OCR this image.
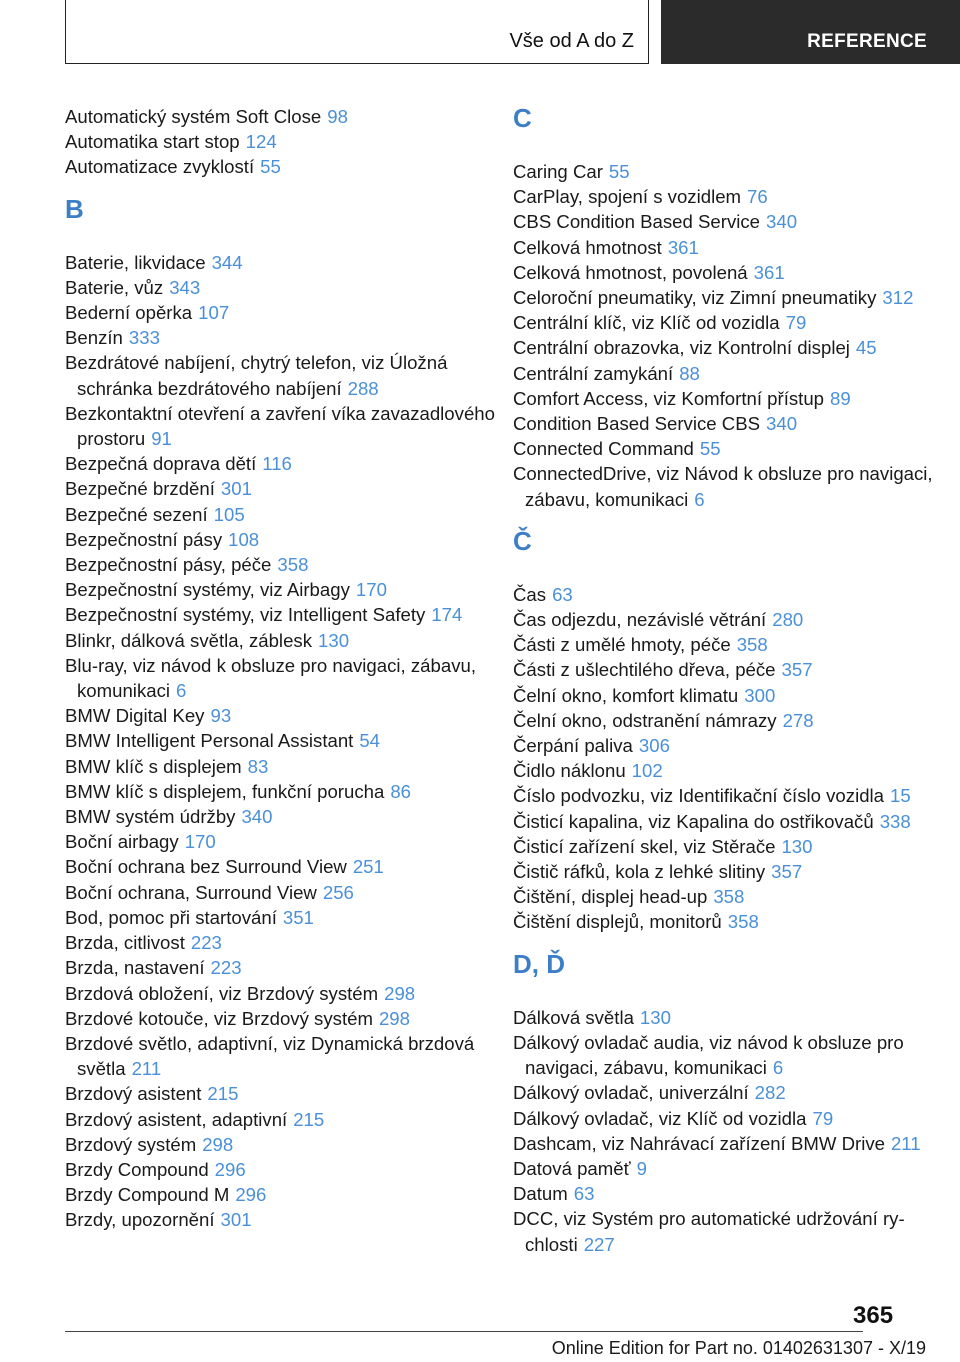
Vše od A do Z	REFERENCE
Automatický systém Soft Close 98
Automatika start stop 124
Automatizace zvyklostí 55
B
Baterie, likvidace 344
Baterie, vůz 343
Bederní opěrka 107
Benzín 333
Bezdrátové nabíjení, chytrý telefon, viz Úložná schránka bezdrátového nabíjení 288
Bezkontaktní otevření a zavření víka zavazadlového prostoru 91
Bezpečná doprava dětí 116
Bezpečné brzdění 301
Bezpečné sezení 105
Bezpečnostní pásy 108
Bezpečnostní pásy, péče 358
Bezpečnostní systémy, viz Airbagy 170
Bezpečnostní systémy, viz Intelligent Safety 174
Blinkr, dálková světla, záblesk 130
Blu-ray, viz návod k obsluze pro navigaci, zábavu, komunikaci 6
BMW Digital Key 93
BMW Intelligent Personal Assistant 54
BMW klíč s displejem 83
BMW klíč s displejem, funkční porucha 86
BMW systém údržby 340
Boční airbagy 170
Boční ochrana bez Surround View 251
Boční ochrana, Surround View 256
Bod, pomoc při startování 351
Brzda, citlivost 223
Brzda, nastavení 223
Brzdová obložení, viz Brzdový systém 298
Brzdové kotouče, viz Brzdový systém 298
Brzdové světlo, adaptivní, viz Dynamická brzdová světla 211
Brzdový asistent 215
Brzdový asistent, adaptivní 215
Brzdový systém 298
Brzdy Compound 296
Brzdy Compound M 296
Brzdy, upozornění 301
C
Caring Car 55
CarPlay, spojení s vozidlem 76
CBS Condition Based Service 340
Celková hmotnost 361
Celková hmotnost, povolená 361
Celoroční pneumatiky, viz Zimní pneumatiky 312
Centrální klíč, viz Klíč od vozidla 79
Centrální obrazovka, viz Kontrolní displej 45
Centrální zamykání 88
Comfort Access, viz Komfortní přístup 89
Condition Based Service CBS 340
Connected Command 55
ConnectedDrive, viz Návod k obsluze pro navigaci, zábavu, komunikaci 6
Č
Čas 63
Čas odjezdu, nezávislé větrání 280
Části z umělé hmoty, péče 358
Části z ušlechtilého dřeva, péče 357
Čelní okno, komfort klimatu 300
Čelní okno, odstranění námrazy 278
Čerpání paliva 306
Čidlo náklonu 102
Číslo podvozku, viz Identifikační číslo vozidla 15
Čisticí kapalina, viz Kapalina do ostřikovačů 338
Čisticí zařízení skel, viz Stěrače 130
Čistič ráfků, kola z lehké slitiny 357
Čištění, displej head-up 358
Čištění displejů, monitorů 358
D, Ď
Dálková světla 130
Dálkový ovladač audia, viz návod k obsluze pro navigaci, zábavu, komunikaci 6
Dálkový ovladač, univerzální 282
Dálkový ovladač, viz Klíč od vozidla 79
Dashcam, viz Nahrávací zařízení BMW Drive 211
Datová paměť 9
Datum 63
DCC, viz Systém pro automatické udržování rychlosti 227
365
Online Edition for Part no. 01402631307 - X/19
